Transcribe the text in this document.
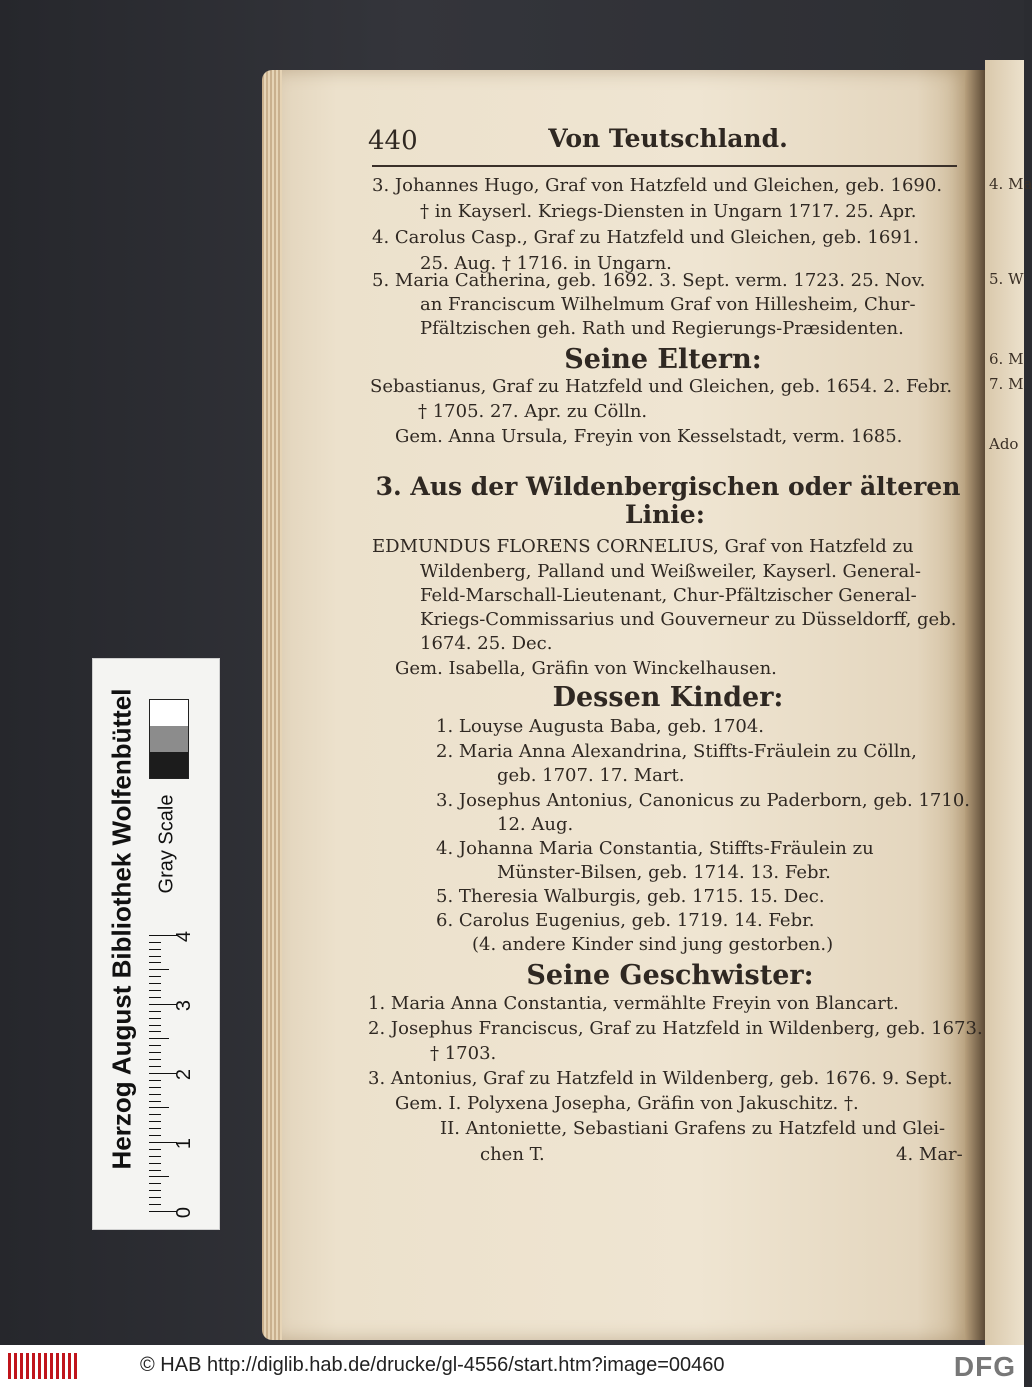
4. Ma
5. W
6. M
7. M
Ado
440	Von Teutschland.
3. Johannes Hugo, Graf von Hatzfeld und Gleichen, geb. 1690.
† in Kayserl. Kriegs-Diensten in Ungarn 1717. 25. Apr.
4. Carolus Casp., Graf zu Hatzfeld und Gleichen, geb. 1691.
25. Aug. † 1716. in Ungarn.
5. Maria Catherina, geb. 1692. 3. Sept. verm. 1723. 25. Nov.
an Franciscum Wilhelmum Graf von Hillesheim, Chur-
Pfältzischen geh. Rath und Regierungs-Præsidenten.
Seine Eltern:
Sebastianus, Graf zu Hatzfeld und Gleichen, geb. 1654. 2. Febr.
† 1705. 27. Apr. zu Cölln.
Gem. Anna Ursula, Freyin von Kesselstadt, verm. 1685.
3. Aus der Wildenbergischen oder älteren
Linie:
EDMUNDUS FLORENS CORNELIUS, Graf von Hatzfeld zu
Wildenberg, Palland und Weißweiler, Kayserl. General-
Feld-Marschall-Lieutenant, Chur-Pfältzischer General-
Kriegs-Commissarius und Gouverneur zu Düsseldorff, geb.
1674. 25. Dec.
Gem. Isabella, Gräfin von Winckelhausen.
Dessen Kinder:
1. Louyse Augusta Baba, geb. 1704.
2. Maria Anna Alexandrina, Stiffts-Fräulein zu Cölln,
geb. 1707. 17. Mart.
3. Josephus Antonius, Canonicus zu Paderborn, geb. 1710.
12. Aug.
4. Johanna Maria Constantia, Stiffts-Fräulein zu
Münster-Bilsen, geb. 1714. 13. Febr.
5. Theresia Walburgis, geb. 1715. 15. Dec.
6. Carolus Eugenius, geb. 1719. 14. Febr.
(4. andere Kinder sind jung gestorben.)
Seine Geschwister:
1. Maria Anna Constantia, vermählte Freyin von Blancart.
2. Josephus Franciscus, Graf zu Hatzfeld in Wildenberg, geb. 1673.
† 1703.
3. Antonius, Graf zu Hatzfeld in Wildenberg, geb. 1676. 9. Sept.
Gem. I. Polyxena Josepha, Gräfin von Jakuschitz. †.
II. Antoniette, Sebastiani Grafens zu Hatzfeld und Glei-
chen T.	4. Mar-
Herzog August Bibliothek Wolfenbüttel Gray Scale
0
1
2
3
4
© HAB http://diglib.hab.de/drucke/gl-4556/start.htm?image=00460	DFG
